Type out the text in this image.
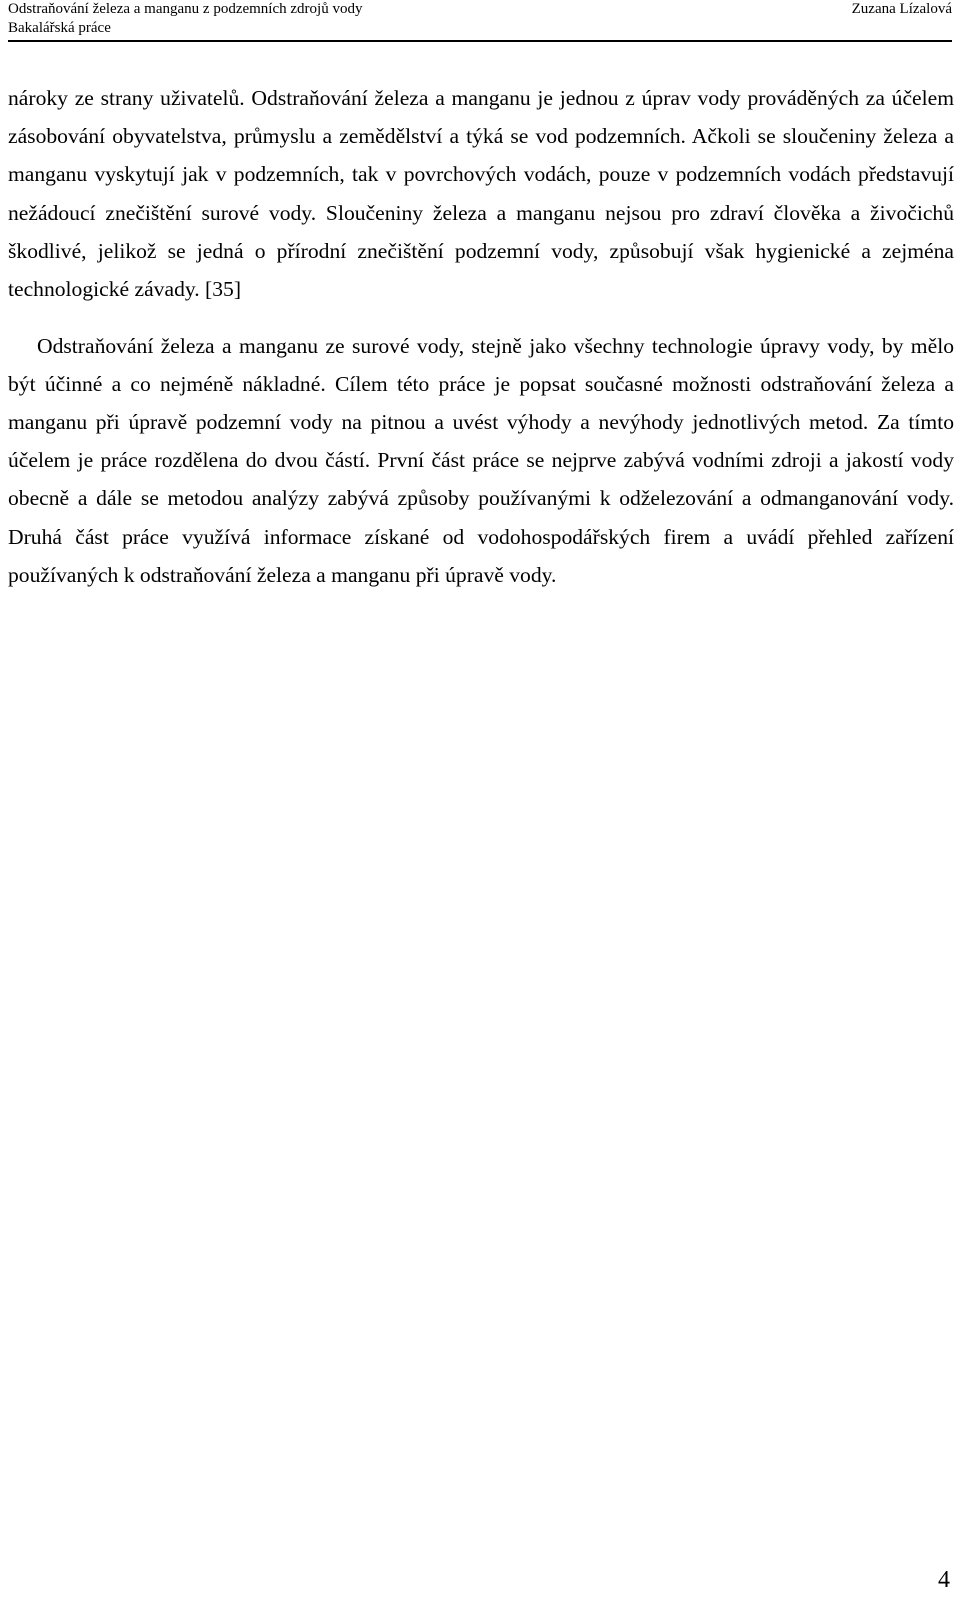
Odstraňování železa a manganu z podzemních zdrojů vody
Bakalářská práce
Zuzana Lízalová

nároky ze strany uživatelů. Odstraňování železa a manganu je jednou z úprav vody prováděných za účelem zásobování obyvatelstva, průmyslu a zemědělství a týká se vod podzemních. Ačkoli se sloučeniny železa a manganu vyskytují jak v podzemních, tak v povrchových vodách, pouze v podzemních vodách představují nežádoucí znečištění surové vody. Sloučeniny železa a manganu nejsou pro zdraví člověka a živočichů škodlivé, jelikož se jedná o přírodní znečištění podzemní vody, způsobují však hygienické a zejména technologické závady. [35]

Odstraňování železa a manganu ze surové vody, stejně jako všechny technologie úpravy vody, by mělo být účinné a co nejméně nákladné. Cílem této práce je popsat současné možnosti odstraňování železa a manganu při úpravě podzemní vody na pitnou a uvést výhody a nevýhody jednotlivých metod. Za tímto účelem je práce rozdělena do dvou částí. První část práce se nejprve zabývá vodními zdroji a jakostí vody obecně a dále se metodou analýzy zabývá způsoby používanými k odželezování a odmanganování vody. Druhá část práce využívá informace získané od vodohospodářských firem a uvádí přehled zařízení používaných k odstraňování železa a manganu při úpravě vody.

4
